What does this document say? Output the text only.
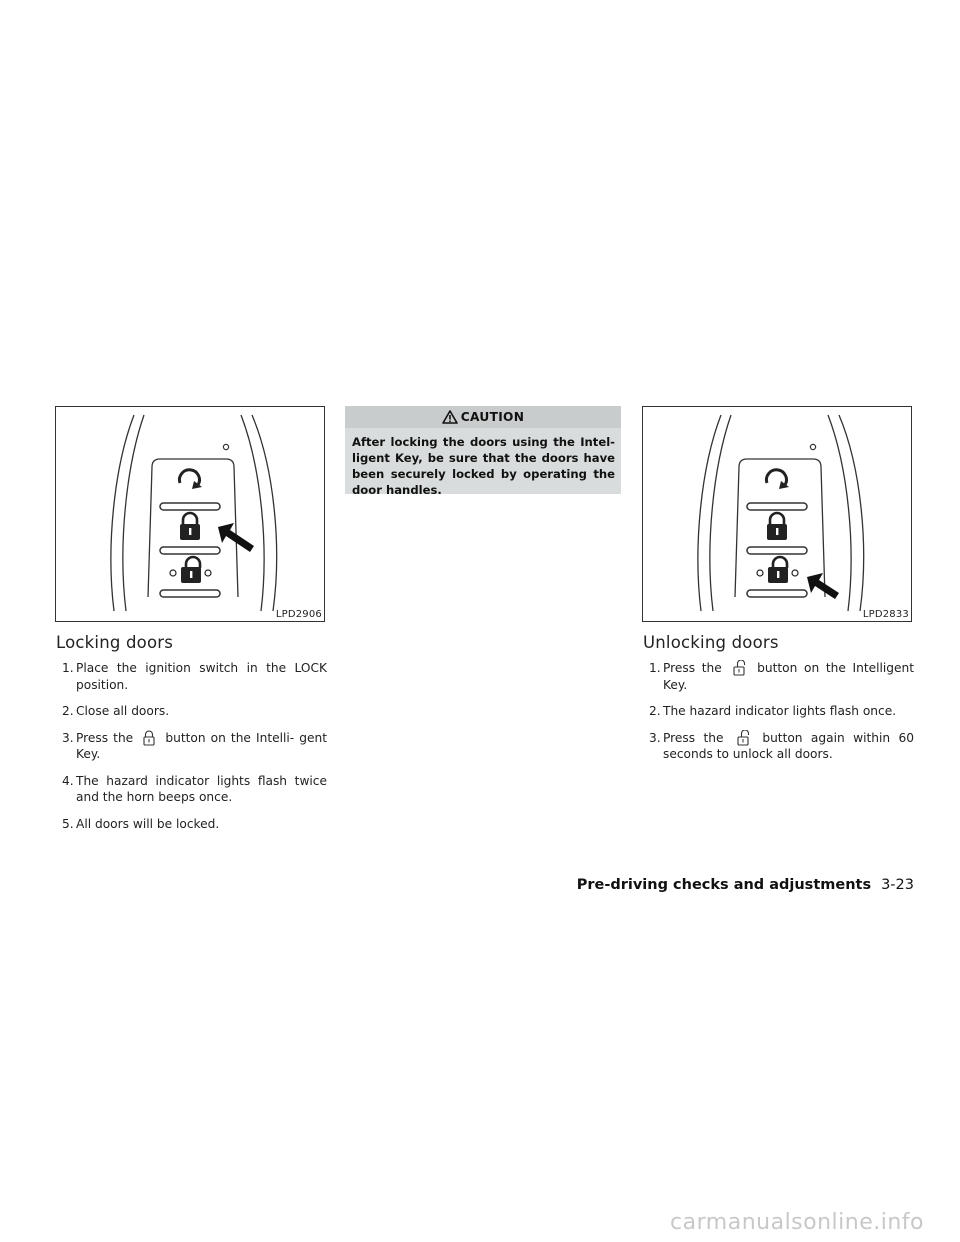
LPD2906
Locking doors
1. Place the ignition switch in the LOCK position.
2. Close all doors.
3. Press the	button on the Intelli- gent Key.
4. The hazard indicator lights flash twice and the horn beeps once.
5. All doors will be locked.
CAUTION
After locking the doors using the Intel- ligent Key, be sure that the doors have been securely locked by operating the door handles.
LPD2833
Unlocking doors
1. Press the	button on the Intelligent Key.
2. The hazard indicator lights flash once.
3. Press the	button again within 60 seconds to unlock all doors.
Pre-driving checks and adjustments 3-23
carmanualsonline.info
